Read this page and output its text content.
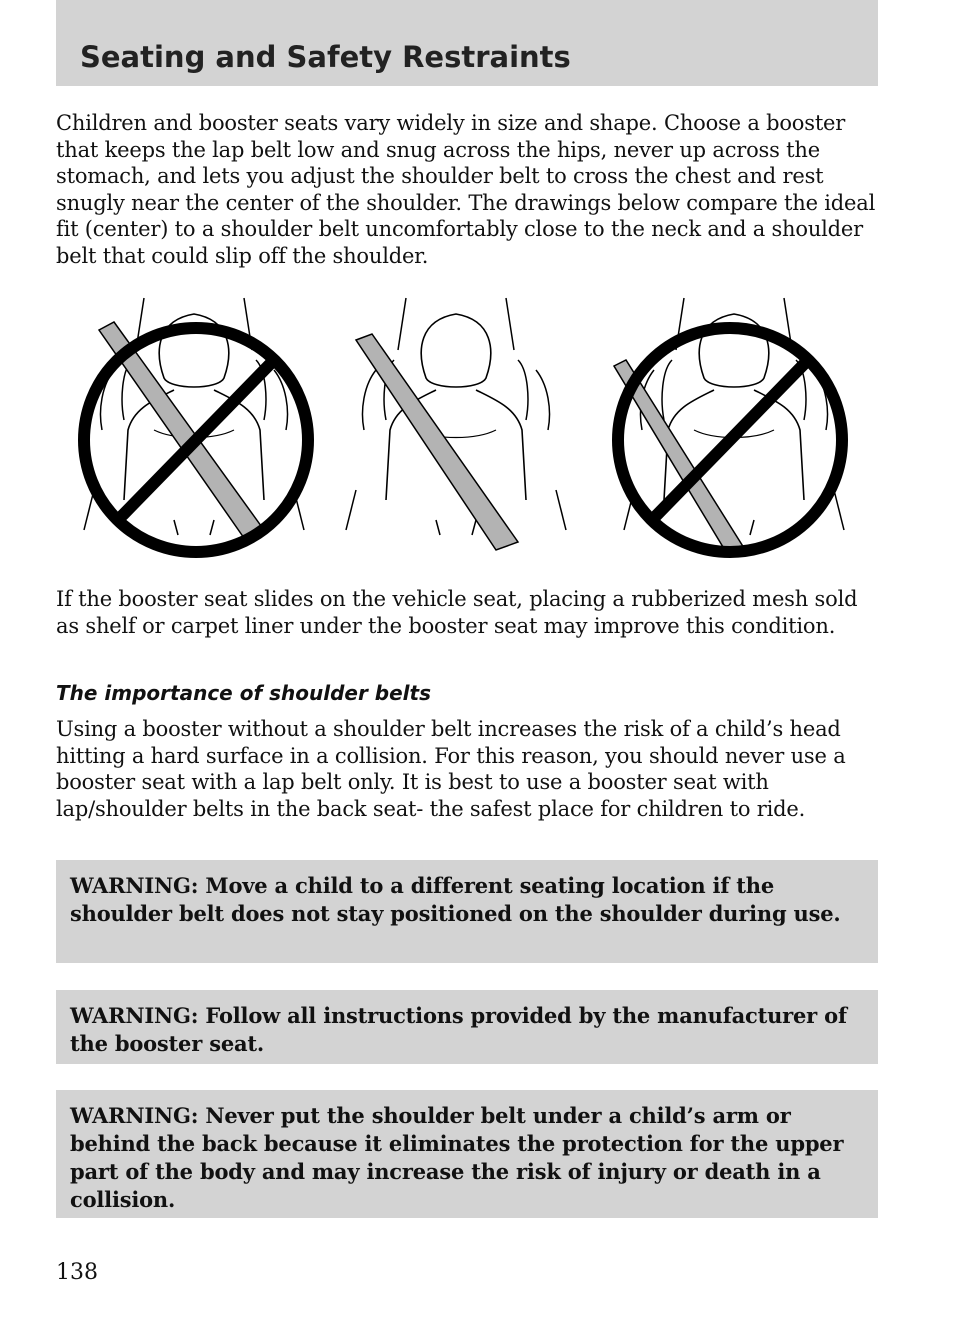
Seating and Safety Restraints

Children and booster seats vary widely in size and shape. Choose a booster that keeps the lap belt low and snug across the hips, never up across the stomach, and lets you adjust the shoulder belt to cross the chest and rest snugly near the center of the shoulder. The drawings below compare the ideal fit (center) to a shoulder belt uncomfortably close to the neck and a shoulder belt that could slip off the shoulder.

If the booster seat slides on the vehicle seat, placing a rubberized mesh sold as shelf or carpet liner under the booster seat may improve this condition.

The importance of shoulder belts

Using a booster without a shoulder belt increases the risk of a child’s head hitting a hard surface in a collision. For this reason, you should never use a booster seat with a lap belt only. It is best to use a booster seat with lap/shoulder belts in the back seat- the safest place for children to ride.

WARNING: Move a child to a different seating location if the shoulder belt does not stay positioned on the shoulder during use.

WARNING: Follow all instructions provided by the manufacturer of the booster seat.

WARNING: Never put the shoulder belt under a child’s arm or behind the back because it eliminates the protection for the upper part of the body and may increase the risk of injury or death in a collision.

138
